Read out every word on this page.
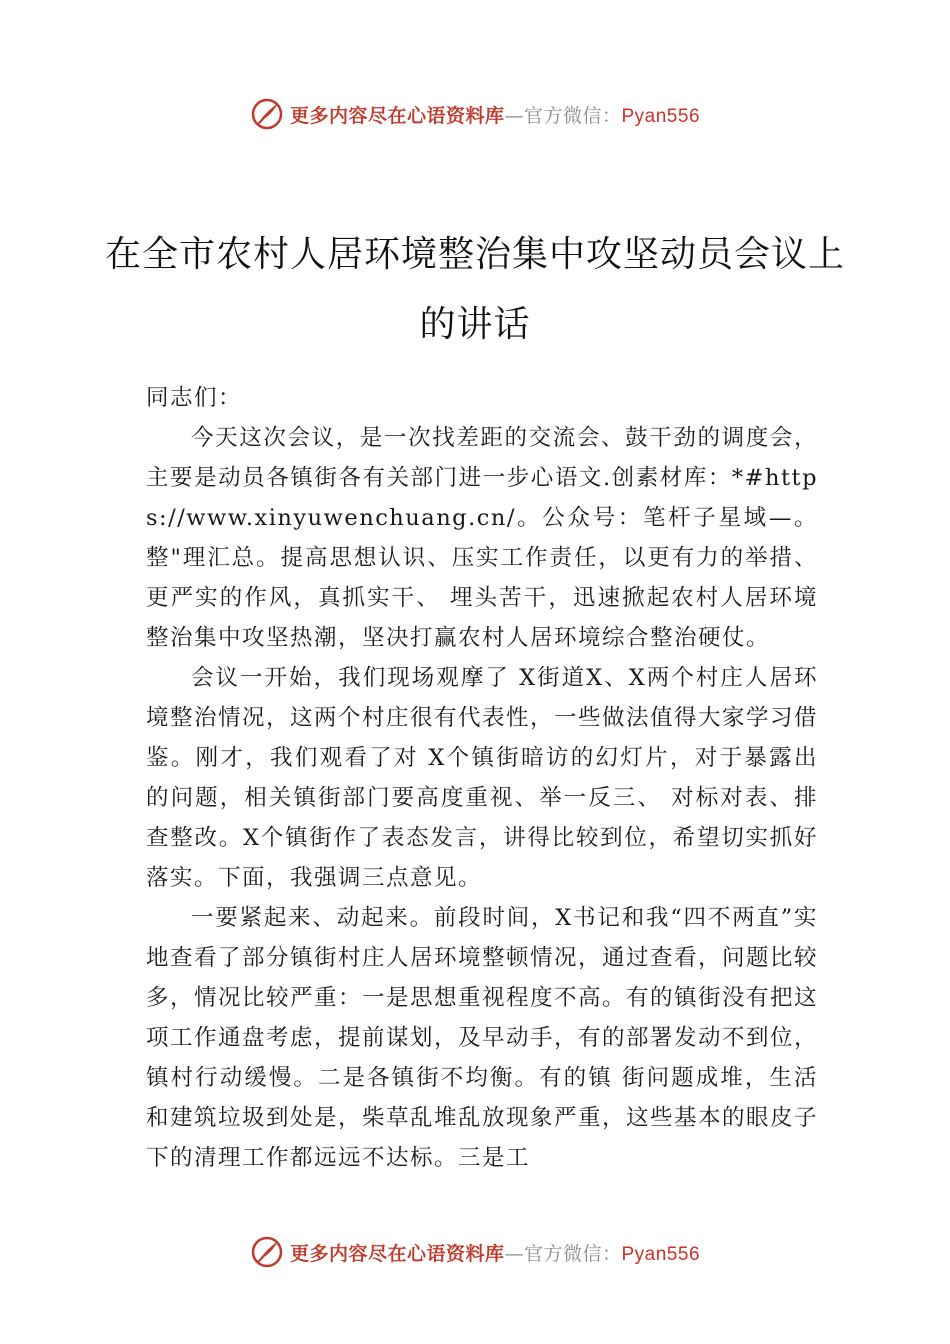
更多内容尽在心语资料库—官方微信：Pyan556
在全市农村人居环境整治集中攻坚动员会议上的讲话

同志们：

今天这次会议，是一次找差距的交流会、鼓干劲的调度会，主要是动员各镇街各有关部门进一步心语文.创素材库：*#https://www.xinyuwenchuang.cn/。公众号：笔杆子星域—。整"理汇总。提高思想认识、压实工作责任，以更有力的举措、更严实的作风，真抓实干、 埋头苦干，迅速掀起农村人居环境整治集中攻坚热潮，坚决打赢农村人居环境综合整治硬仗。

会议一开始，我们现场观摩了 X街道X、X两个村庄人居环境整治情况，这两个村庄很有代表性，一些做法值得大家学习借鉴。刚才，我们观看了对 X个镇街暗访的幻灯片，对于暴露出的问题，相关镇街部门要高度重视、举一反三、 对标对表、排查整改。X个镇街作了表态发言，讲得比较到位，希望切实抓好落实。下面，我强调三点意见。

一要紧起来、动起来。前段时间，X书记和我“四不两直”实地查看了部分镇街村庄人居环境整顿情况，通过查看，问题比较多，情况比较严重：一是思想重视程度不高。有的镇街没有把这项工作通盘考虑，提前谋划，及早动手，有的部署发动不到位，镇村行动缓慢。二是各镇街不均衡。有的镇 街问题成堆，生活和建筑垃圾到处是，柴草乱堆乱放现象严重，这些基本的眼皮子下的清理工作都远远不达标。三是工

更多内容尽在心语资料库—官方微信：Pyan556
